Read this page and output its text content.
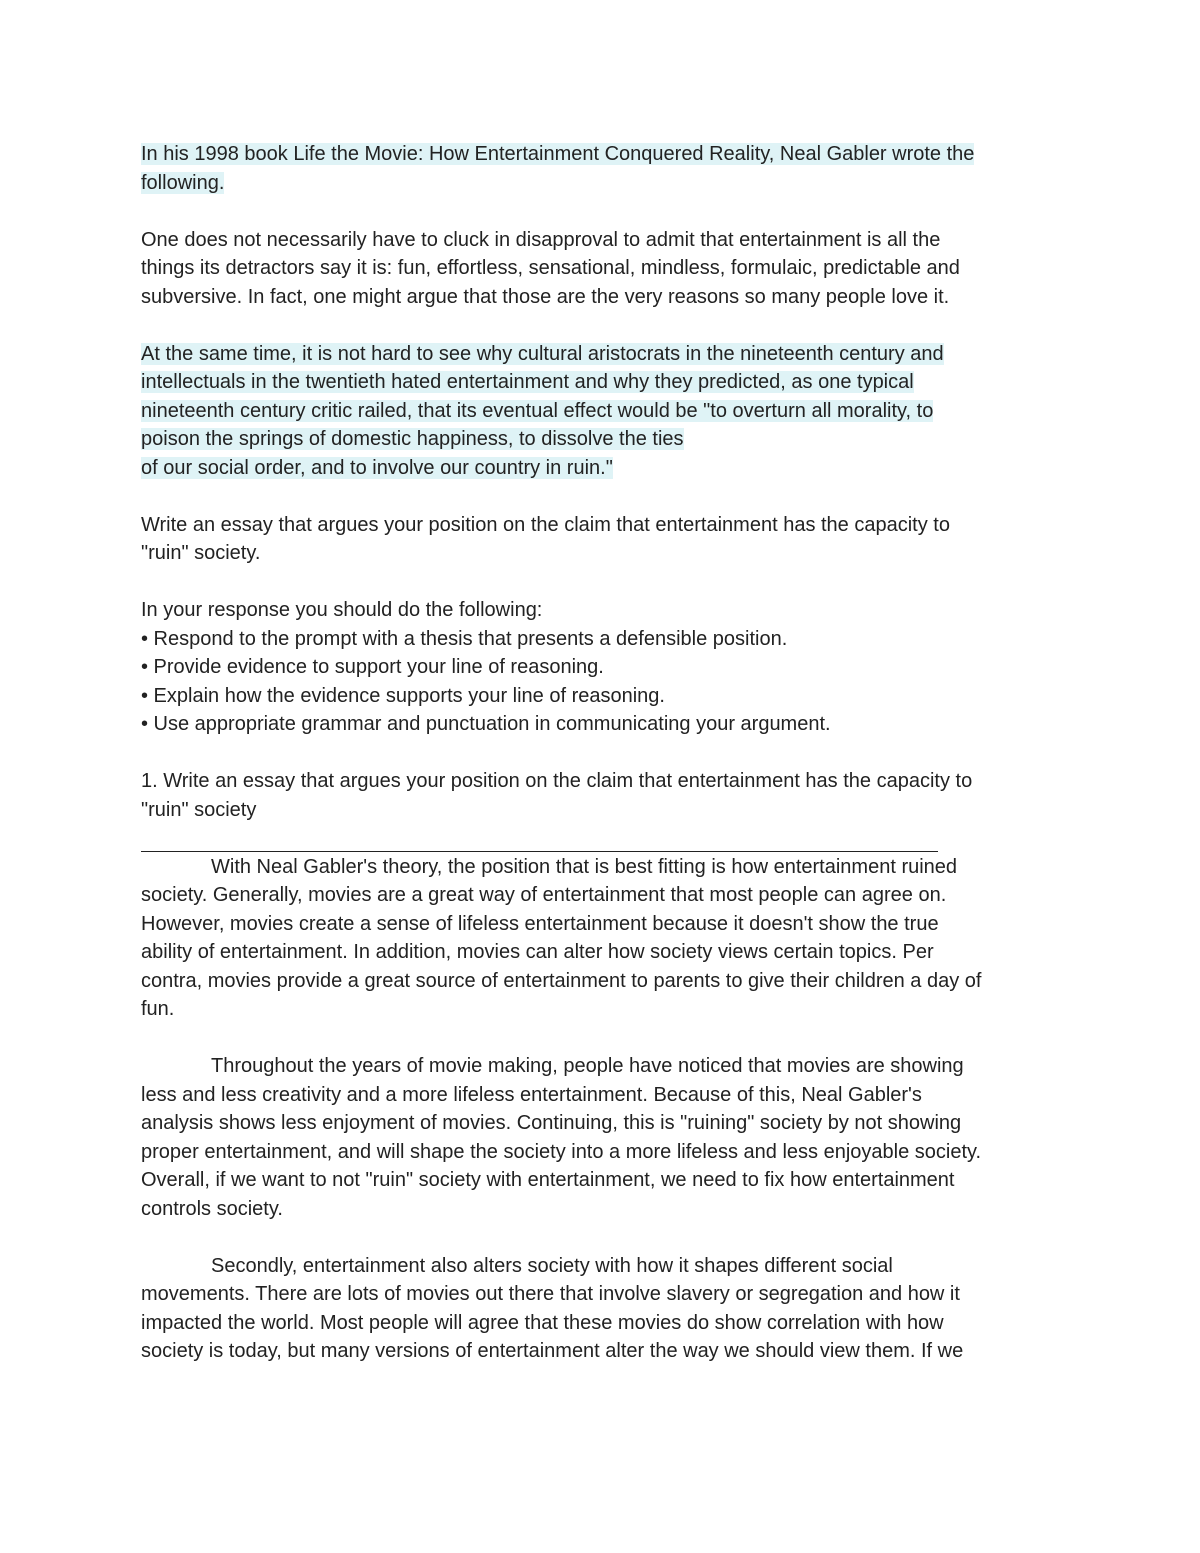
In his 1998 book Life the Movie: How Entertainment Conquered Reality, Neal Gabler wrote the
following.
One does not necessarily have to cluck in disapproval to admit that entertainment is all the
things its detractors say it is: fun, effortless, sensational, mindless, formulaic, predictable and
subversive. In fact, one might argue that those are the very reasons so many people love it.
At the same time, it is not hard to see why cultural aristocrats in the nineteenth century and
intellectuals in the twentieth hated entertainment and why they predicted, as one typical
nineteenth century critic railed, that its eventual effect would be "to overturn all morality, to
poison the springs of domestic happiness, to dissolve the ties
of our social order, and to involve our country in ruin."
Write an essay that argues your position on the claim that entertainment has the capacity to
"ruin" society.
In your response you should do the following:
• Respond to the prompt with a thesis that presents a defensible position.
• Provide evidence to support your line of reasoning.
• Explain how the evidence supports your line of reasoning.
• Use appropriate grammar and punctuation in communicating your argument.
1. Write an essay that argues your position on the claim that entertainment has the capacity to
"ruin" society
With Neal Gabler's theory, the position that is best fitting is how entertainment ruined
society. Generally, movies are a great way of entertainment that most people can agree on.
However, movies create a sense of lifeless entertainment because it doesn't show the true
ability of entertainment. In addition, movies can alter how society views certain topics. Per
contra, movies provide a great source of entertainment to parents to give their children a day of
fun.
Throughout the years of movie making, people have noticed that movies are showing
less and less creativity and a more lifeless entertainment. Because of this, Neal Gabler's
analysis shows less enjoyment of movies. Continuing, this is "ruining" society by not showing
proper entertainment, and will shape the society into a more lifeless and less enjoyable society.
Overall, if we want to not "ruin" society with entertainment, we need to fix how entertainment
controls society.
Secondly, entertainment also alters society with how it shapes different social
movements. There are lots of movies out there that involve slavery or segregation and how it
impacted the world. Most people will agree that these movies do show correlation with how
society is today, but many versions of entertainment alter the way we should view them. If we
